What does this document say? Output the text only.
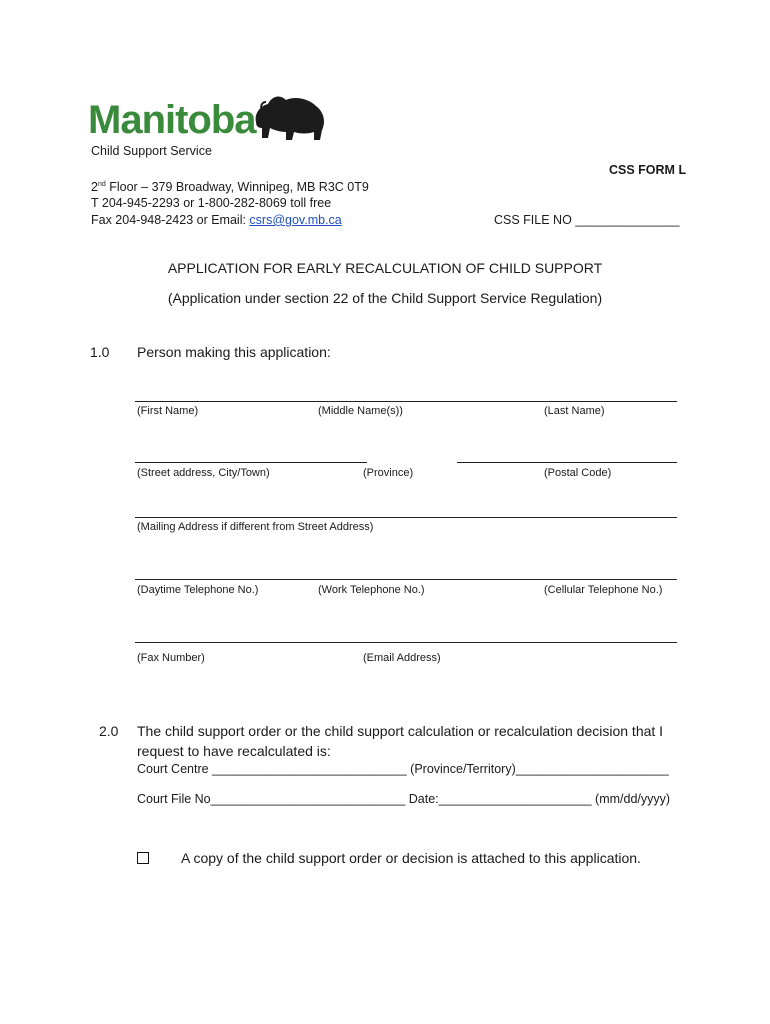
Manitoba
Child Support Service
CSS FORM L
2nd Floor – 379 Broadway, Winnipeg, MB R3C 0T9
T 204-945-2293 or 1-800-282-8069 toll free
Fax 204-948-2423 or Email: csrs@gov.mb.ca	CSS FILE NO _______________
APPLICATION FOR EARLY RECALCULATION OF CHILD SUPPORT
(Application under section 22 of the Child Support Service Regulation)
1.0 Person making this application:
(First Name)	(Middle Name(s))	(Last Name)
(Street address, City/Town)	(Province)	(Postal Code)
(Mailing Address if different from Street Address)
(Daytime Telephone No.)	(Work Telephone No.)	(Cellular Telephone No.)
(Fax Number)	(Email Address)
2.0 The child support order or the child support calculation or recalculation decision that I
request to have recalculated is:
Court Centre ____________________________ (Province/Territory)______________________
Court File No____________________________ Date:______________________ (mm/dd/yyyy)
A copy of the child support order or decision is attached to this application.
